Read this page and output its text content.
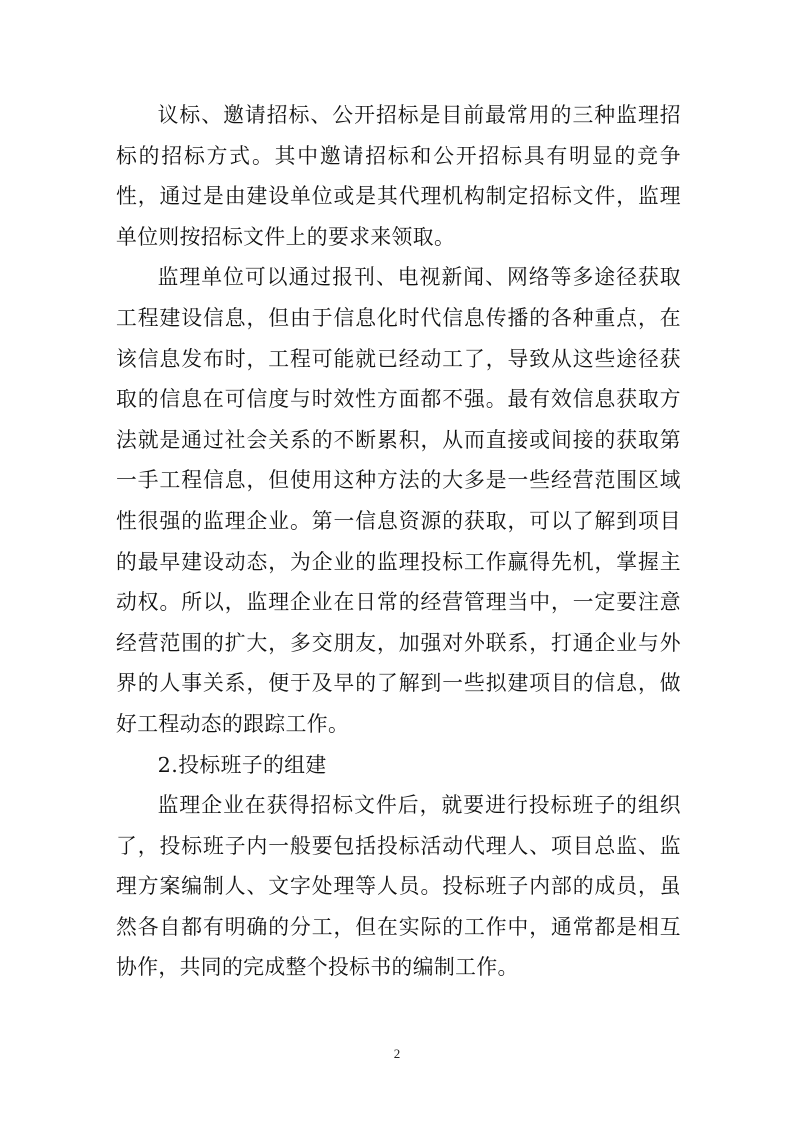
议标、邀请招标、公开招标是目前最常用的三种监理招标的招标方式。其中邀请招标和公开招标具有明显的竞争性，通过是由建设单位或是其代理机构制定招标文件，监理单位则按招标文件上的要求来领取。

监理单位可以通过报刊、电视新闻、网络等多途径获取工程建设信息，但由于信息化时代信息传播的各种重点，在该信息发布时，工程可能就已经动工了，导致从这些途径获取的信息在可信度与时效性方面都不强。最有效信息获取方法就是通过社会关系的不断累积，从而直接或间接的获取第一手工程信息，但使用这种方法的大多是一些经营范围区域性很强的监理企业。第一信息资源的获取，可以了解到项目的最早建设动态，为企业的监理投标工作赢得先机，掌握主动权。所以，监理企业在日常的经营管理当中，一定要注意经营范围的扩大，多交朋友，加强对外联系，打通企业与外界的人事关系，便于及早的了解到一些拟建项目的信息，做好工程动态的跟踪工作。

2.投标班子的组建

监理企业在获得招标文件后，就要进行投标班子的组织了，投标班子内一般要包括投标活动代理人、项目总监、监理方案编制人、文字处理等人员。投标班子内部的成员，虽然各自都有明确的分工，但在实际的工作中，通常都是相互协作，共同的完成整个投标书的编制工作。

2
